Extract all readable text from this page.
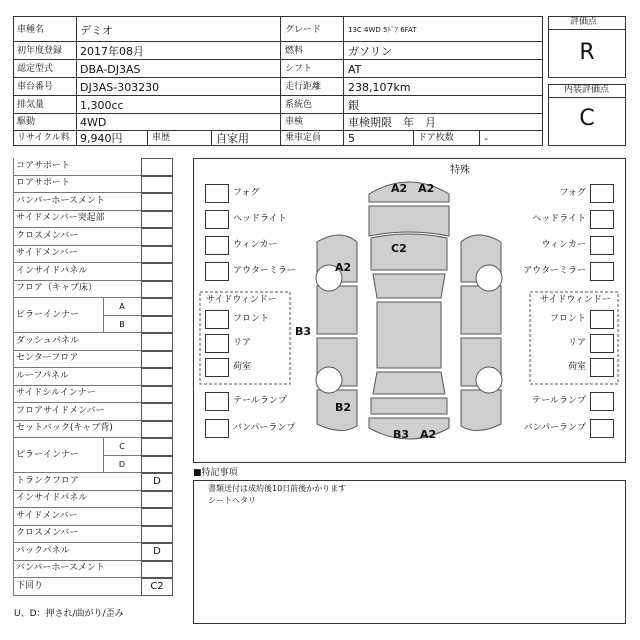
車種名	デミオ	グレード	13C 4WD 5ﾄﾞｱ 6FAT
初年度登録 2017年08月	燃料	ガソリン
認定型式 DBA-DJ3AS	シフト	AT
車台番号 DJ3AS-303230	走行距離 238,107km
排気量	1,300cc	系統色	銀
駆動	4WD	車検	車検期限　年　月
リサイクル料 9,940円	車歴	自家用	乗車定員 5	ドア枚数	-
評価点
R
内装評価点
C
コアサポート
ロアサポート
バンパーホースメント
サイドメンバー突起部
クロスメンバー
サイドメンバー
インサイドパネル
フロア（キャブ床）
ピラーインナー
A
B
ダッシュパネル
センターフロア
ルーフパネル
サイドシルインナー
フロアサイドメンバー
セットバック(キャブ背)
ピラーインナー
C
D
トランクフロア	D
インサイドパネル
サイドメンバー
クロスメンバー
バックパネル	D
バンパーホースメント
下回り	C2
U、D：押され/曲がり/歪み
特殊
フォグ
ヘッドライト
ウィンカー
アウターミラー
フォグ
ヘッドライト
ウィンカー
アウターミラー
サイドウィンドー	サイドウィンドー
フロント
リア
荷室
フロント
リア
荷室
テールランプ
バンパーランプ
テールランプ
バンパーランプ
A2　A2
C2
A2
B3
B2
B3　A2
■特記事項
書類送付は成約後10日前後かかります
シートヘタリ
